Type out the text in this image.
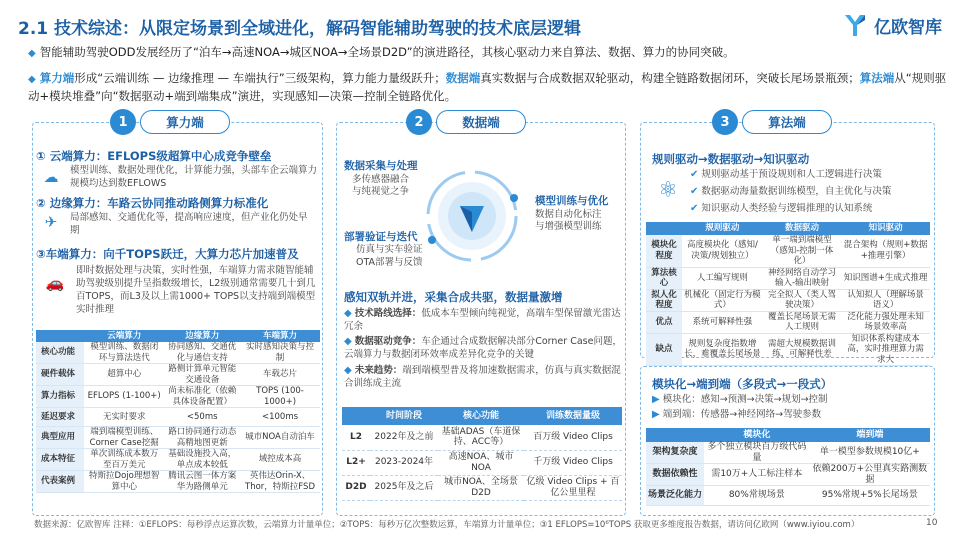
2.1 技术综述：从限定场景到全域进化，解码智能辅助驾驶的技术底层逻辑	亿欧智库
◆ 智能辅助驾驶ODD发展经历了“泊车→高速NOA→城区NOA→全场景D2D”的演进路径，其核心驱动力来自算法、数据、算力的协同突破。
◆ 算力端形成“云端训练 — 边缘推理 — 车端执行”三级架构，算力能力量级跃升；数据端真实数据与合成数据双轮驱动，构建全链路数据闭环，突破长尾场景瓶颈；算法端从“规则驱动+模块堆叠”向“数据驱动+端到端集成”演进，实现感知—决策—控制全链路优化。
1	算力端
① 云端算力：EFLOPS级超算中心成竞争壁垒
☁	模型训练、数据处理优化，计算能力强，头部车企云端算力规模均达到数EFLOWS
② 边缘算力：车路云协同推动路侧算力标准化
✈	局部感知、交通优化等，提高响应速度，但产业化仍处早期
③车端算力：向千TOPS跃迁，大算力芯片加速普及
🚗
即时数据处理与决策，实时性强，车端算力需求随智能辅助驾驶级别提升呈指数级增长，L2级别通常需要几十到几百TOPS，而L3及以上需1000+ TOPS以支持端到端模型实时推理
	云端算力	边缘算力	车端算力
核心功能	模型训练、数据闭环与算法迭代	协同感知、交通优化与通信支持	实时感知决策与控制
硬件载体	超算中心	路侧计算单元智能交通设备	车载芯片
算力指标	EFLOPS (1-100+)	尚未标准化（依赖具体设备配置）	TOPS (100-1000+)
延迟要求	无实时要求	<50ms	<100ms
典型应用	端到端模型训练、Corner Case挖掘	路口协同通行动态高精地图更新	城市NOA自动泊车
成本特征	单次训练成本数万至百万美元	基础设施投入高，单点成本较低	域控成本高
代表案例	特斯拉Dojo理想智算中心	腾讯云图一体方案华为路侧单元	英伟达Orin-X、Thor，特斯拉FSD
2	数据端
数据采集与处理
多传感器融合
与纯视觉之争
模型训练与优化
数据自动化标注
与增强模型训练
部署验证与迭代
仿真与实车验证
OTA部署与反馈
感知双轨并进，采集合成共驱，数据量激增
◆ 技术路线选择：低成本车型倾向纯视觉，高端车型保留激光雷达冗余
◆ 数据驱动竞争：车企通过合成数据解决部分Corner Case问题，云端算力与数据闭环效率成差异化竞争的关键
◆ 未来趋势：端到端模型普及将加速数据需求，仿真与真实数据混合训练成主流
	时间阶段	核心功能	训练数据量级
L2	2022年及之前	基础ADAS（车道保持、ACC等）	百万级 Video Clips
L2+	2023-2024年	高速NOA、城市NOA	千万级 Video Clips
D2D	2025年及之后	城市NOA、全场景D2D	亿级 Video Clips + 百亿公里里程
3	算法端
规则驱动→数据驱动→知识驱动
⚛
✔ 规则驱动基于预设规则和人工逻辑进行决策
✔ 数据驱动海量数据训练模型，自主优化与决策
✔ 知识驱动人类经验与逻辑推理的认知系统
	规则驱动	数据驱动	知识驱动
模块化程度	高度模块化（感知/决策/规划独立）	单一端到端模型（感知-控制一体化）	混合架构（规则+数据+推理引擎）
算法核心	人工编写规则	神经网络自动学习输入-输出映射	知识图谱+生成式推理
拟人化程度	机械化（固定行为模式）	完全拟人（类人驾驶决策）	认知拟人（理解场景语义）
优点	系统可解释性强	覆盖长尾场景无需人工规则	泛化能力强处理未知场景效率高
缺点	规则复杂度指数增长，难覆盖长尾场景	需超大规模数据训练，可解释性差	知识体系构建成本高，实时推理算力需求大
模块化→端到端（多段式→一段式）
▶ 模块化：感知→预测→决策→规划→控制
▶ 端到端：传感器→神经网络→驾驶参数
	模块化	端到端
架构复杂度	多个独立模块百万级代码量	单一模型参数规模10亿+
数据依赖性	需10万+人工标注样本	依赖200万+公里真实路测数据
场景泛化能力	80%常规场景	95%常规+5%长尾场景
数据来源：亿欧智库 注释：①EFLOPS：每秒浮点运算次数，云端算力计量单位；②TOPS：每秒万亿次整数运算，车端算力计量单位；③1 EFLOPS=10⁶TOPS 获取更多维度报告数据，请访问亿欧网（www.iyiou.com）	10
